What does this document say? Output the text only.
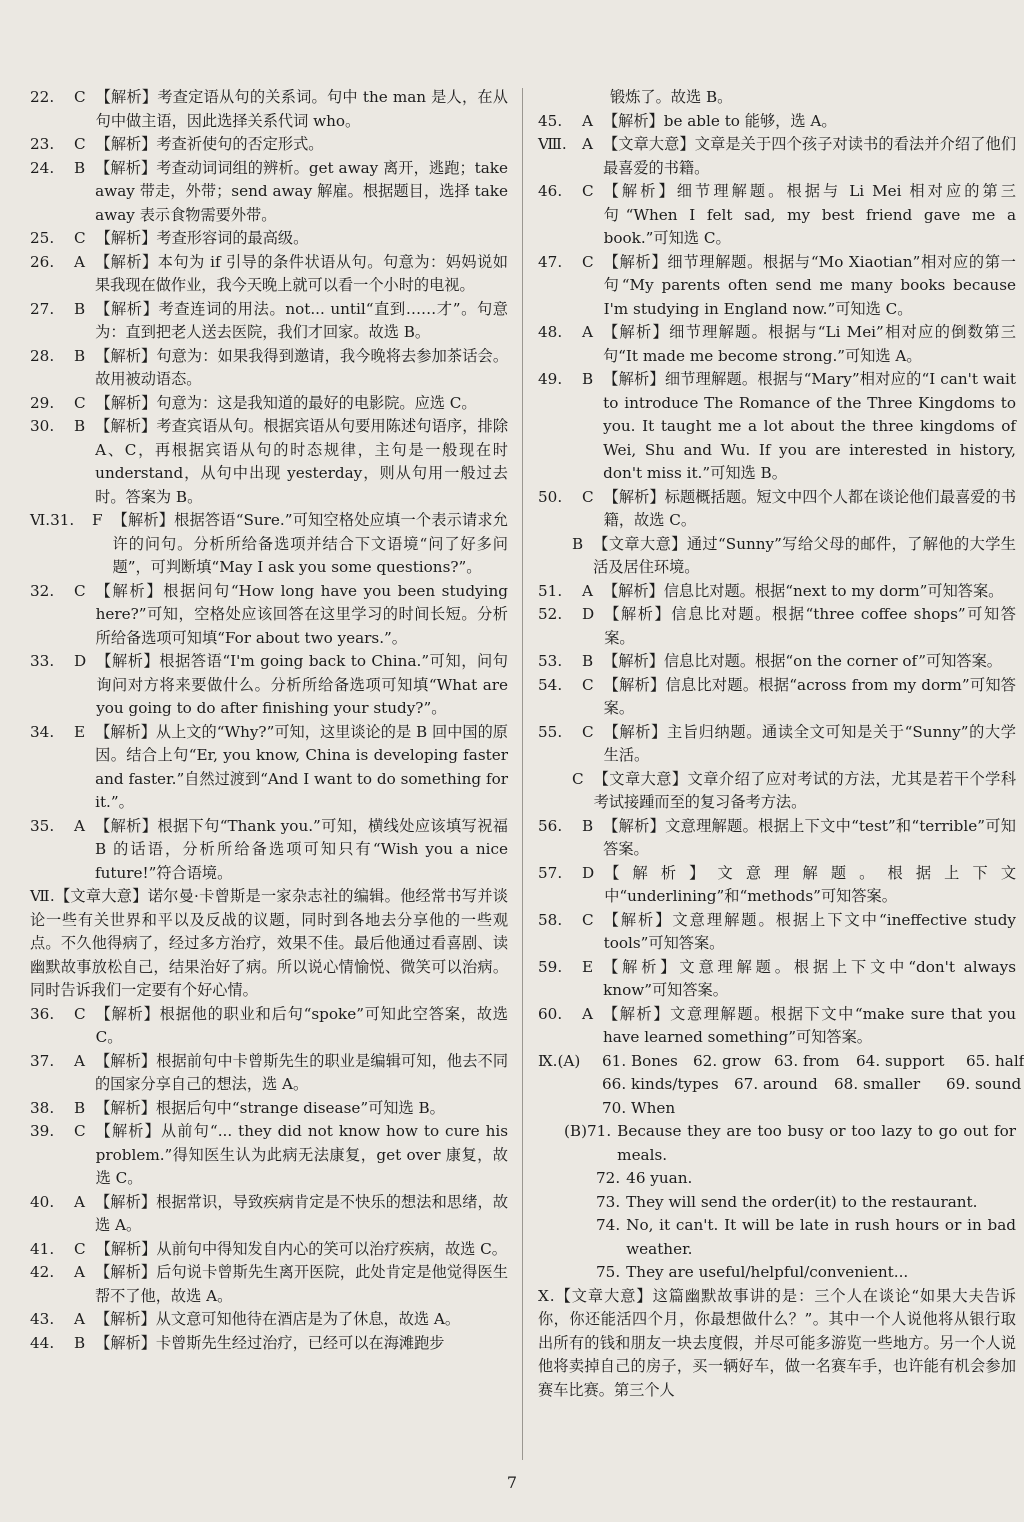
22.	C 【解析】考查定语从句的关系词。句中 the man 是人，在从句中做主语，因此选择关系代词 who。
23.	C 【解析】考查祈使句的否定形式。
24.	B 【解析】考查动词词组的辨析。get away 离开，逃跑；take away 带走，外带；send away 解雇。根据题目，选择 take away 表示食物需要外带。
25.	C 【解析】考查形容词的最高级。
26.	A 【解析】本句为 if 引导的条件状语从句。句意为：妈妈说如果我现在做作业，我今天晚上就可以看一个小时的电视。
27.	B 【解析】考查连词的用法。not... until“直到……才”。句意为：直到把老人送去医院，我们才回家。故选 B。
28.	B 【解析】句意为：如果我得到邀请，我今晚将去参加茶话会。故用被动语态。
29.	C 【解析】句意为：这是我知道的最好的电影院。应选 C。
30.	B 【解析】考查宾语从句。根据宾语从句要用陈述句语序，排除 A、C，再根据宾语从句的时态规律，主句是一般现在时 understand，从句中出现 yesterday，则从句用一般过去时。答案为 B。
Ⅵ.31.	F 【解析】根据答语“Sure.”可知空格处应填一个表示请求允许的问句。分析所给备选项并结合下文语境“问了好多问题”，可判断填“May I ask you some questions?”。
32.	C 【解析】根据问句“How long have you been studying here?”可知，空格处应该回答在这里学习的时间长短。分析所给备选项可知填“For about two years.”。
33.	D 【解析】根据答语“I'm going back to China.”可知，问句询问对方将来要做什么。分析所给备选项可知填“What are you going to do after finishing your study?”。
34.	E 【解析】从上文的“Why?”可知，这里谈论的是 B 回中国的原因。结合上句“Er, you know, China is developing faster and faster.”自然过渡到“And I want to do something for it.”。
35.	A 【解析】根据下句“Thank you.”可知，横线处应该填写祝福 B 的话语，分析所给备选项可知只有“Wish you a nice future!”符合语境。
Ⅶ.【文章大意】诺尔曼·卡曾斯是一家杂志社的编辑。他经常书写并谈论一些有关世界和平以及反战的议题，同时到各地去分享他的一些观点。不久他得病了，经过多方治疗，效果不佳。最后他通过看喜剧、读幽默故事放松自己，结果治好了病。所以说心情愉悦、微笑可以治病。同时告诉我们一定要有个好心情。
36.	C 【解析】根据他的职业和后句“spoke”可知此空答案，故选 C。
37.	A 【解析】根据前句中卡曾斯先生的职业是编辑可知，他去不同的国家分享自己的想法，选 A。
38.	B 【解析】根据后句中“strange disease”可知选 B。
39.	C 【解析】从前句“... they did not know how to cure his problem.”得知医生认为此病无法康复，get over 康复，故选 C。
40.	A 【解析】根据常识，导致疾病肯定是不快乐的想法和思绪，故选 A。
41.	C 【解析】从前句中得知发自内心的笑可以治疗疾病，故选 C。
42.	A 【解析】后句说卡曾斯先生离开医院，此处肯定是他觉得医生帮不了他，故选 A。
43.	A 【解析】从文意可知他待在酒店是为了休息，故选 A。
44.	B 【解析】卡曾斯先生经过治疗，已经可以在海滩跑步
锻炼了。故选 B。
45.	A 【解析】be able to 能够，选 A。
Ⅷ.	A 【文章大意】文章是关于四个孩子对读书的看法并介绍了他们最喜爱的书籍。
46.	C 【解析】细节理解题。根据与 Li Mei 相对应的第三句“When I felt sad, my best friend gave me a book.”可知选 C。
47.	C 【解析】细节理解题。根据与“Mo Xiaotian”相对应的第一句“My parents often send me many books because I'm studying in England now.”可知选 C。
48.	A 【解析】细节理解题。根据与“Li Mei”相对应的倒数第三句“It made me become strong.”可知选 A。
49.	B 【解析】细节理解题。根据与“Mary”相对应的“I can't wait to introduce The Romance of the Three Kingdoms to you. It taught me a lot about the three kingdoms of Wei, Shu and Wu. If you are interested in history, don't miss it.”可知选 B。
50.	C 【解析】标题概括题。短文中四个人都在谈论他们最喜爱的书籍，故选 C。
B 【文章大意】通过“Sunny”写给父母的邮件，了解他的大学生活及居住环境。
51.	A 【解析】信息比对题。根据“next to my dorm”可知答案。
52.	D 【解析】信息比对题。根据“three coffee shops”可知答案。
53.	B 【解析】信息比对题。根据“on the corner of”可知答案。
54.	C 【解析】信息比对题。根据“across from my dorm”可知答案。
55.	C 【解析】主旨归纳题。通读全文可知是关于“Sunny”的大学生活。
C 【文章大意】文章介绍了应对考试的方法，尤其是若干个学科考试接踵而至的复习备考方法。
56.	B 【解析】文意理解题。根据上下文中“test”和“terrible”可知答案。
57.	D 【解析】文意理解题。根据上下文中“underlining”和“methods”可知答案。
58.	C 【解析】文意理解题。根据上下文中“ineffective study tools”可知答案。
59.	E 【解析】文意理解题。根据上下文中“don't always know”可知答案。
60.	A 【解析】文意理解题。根据下文中“make sure that you have learned something”可知答案。
Ⅸ.(A) 61. Bones 62. grow 63. from 64. support 65. half
66. kinds/types 67. around 68. smaller 69. sound
70. When
(B)71. Because they are too busy or too lazy to go out for meals.
72. 46 yuan.
73. They will send the order(it) to the restaurant.
74. No, it can't. It will be late in rush hours or in bad weather.
75. They are useful/helpful/convenient...
Ⅹ.【文章大意】这篇幽默故事讲的是：三个人在谈论“如果大夫告诉你，你还能活四个月，你最想做什么？”。其中一个人说他将从银行取出所有的钱和朋友一块去度假，并尽可能多游览一些地方。另一个人说他将卖掉自己的房子，买一辆好车，做一名赛车手，也许能有机会参加赛车比赛。第三个人
7
